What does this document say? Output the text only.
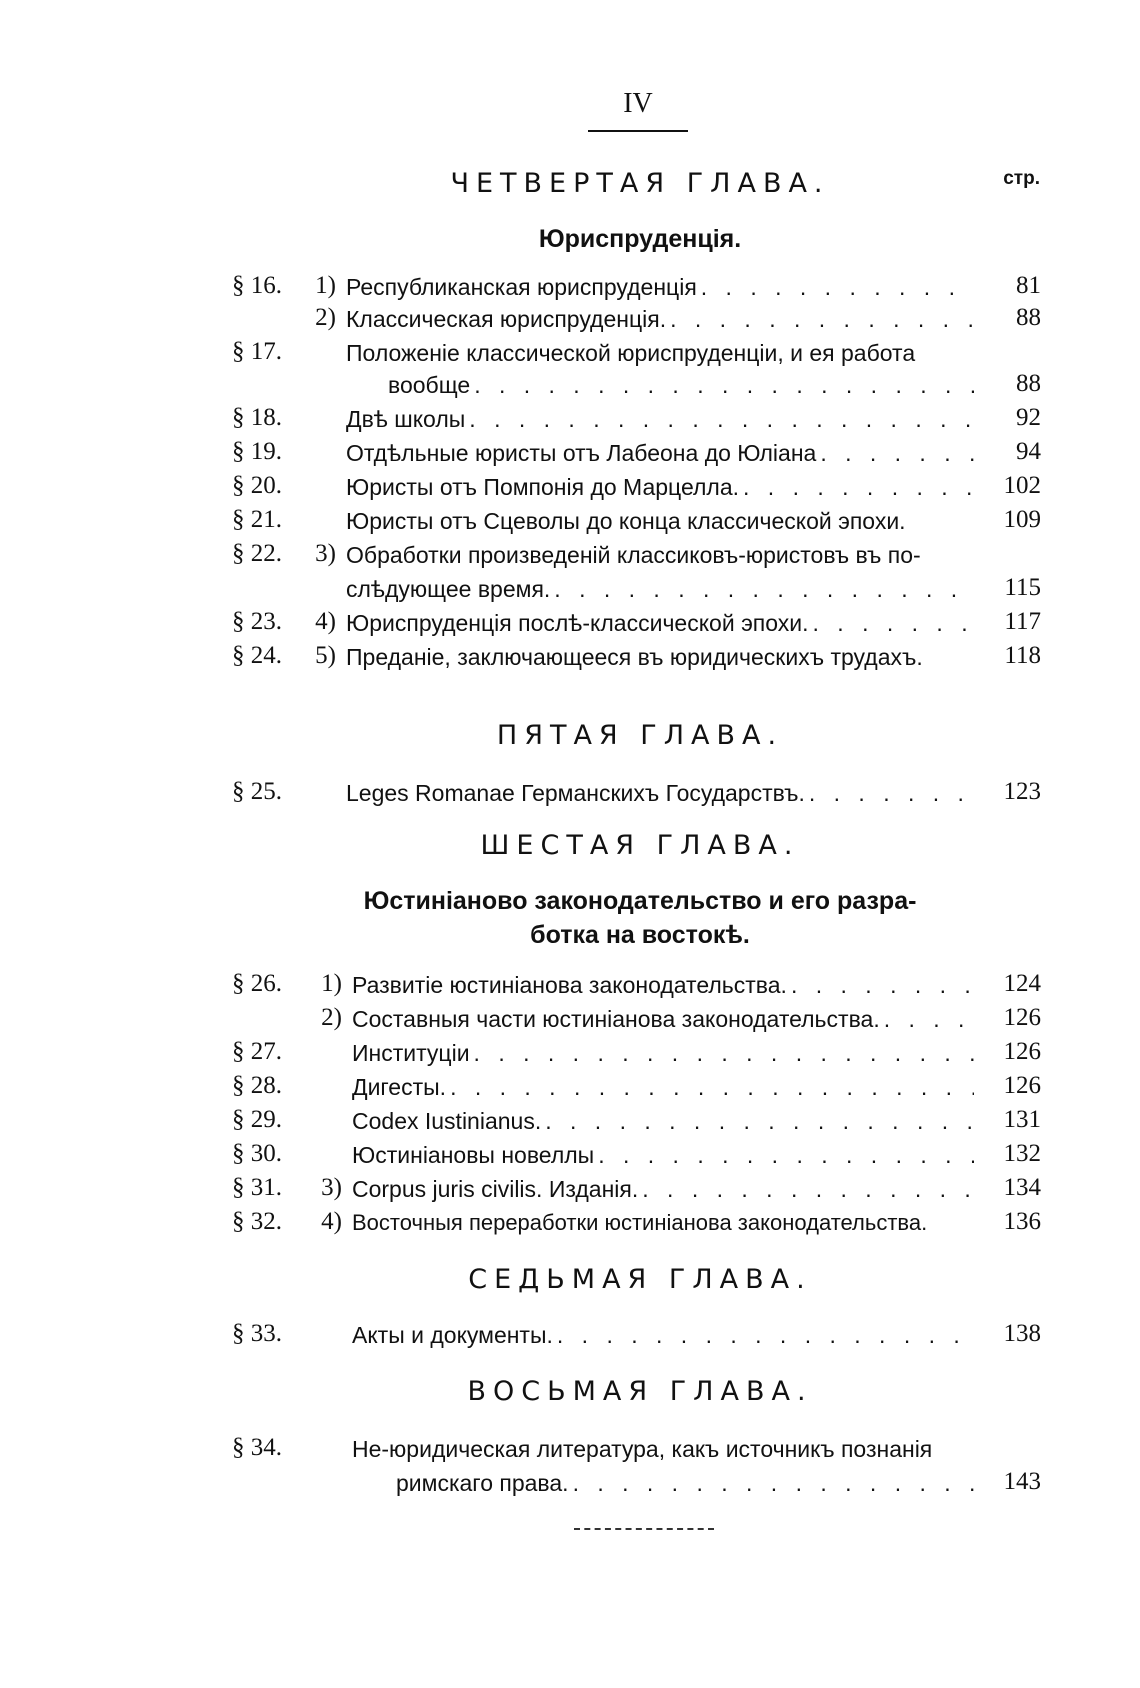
IV
стр.
ЧЕТВЕРТАЯ ГЛАВА.
Юриспруденція.
§ 16.	1) Республиканская юриспруденція . . .	81
2) Классическая юриспруденція. . . .	88
§ 17.	Положеніе классической юриспруденціи, и ея работа
вообще . . .	88
§ 18.	Двѣ школы . . .	92
§ 19.	Отдѣльные юристы отъ Лабеона до Юліана . . .	94
§ 20.	Юристы отъ Помпонія до Марцелла. . . .	102
§ 21.	Юристы отъ Сцеволы до конца классической эпохи.	109
§ 22.	3) Обработки произведеній классиковъ-юристовъ въ по-
слѣдующее время. . . .	115
§ 23.	4) Юриспруденція послѣ-классической эпохи. . . .	117
§ 24.	5) Преданіе, заключающееся въ юридическихъ трудахъ.	118
ПЯТАЯ ГЛАВА.
§ 25.	Leges Romanae Германскихъ Государствъ. . . .	123
ШЕСТАЯ ГЛАВА.
Юстиніаново законодательство и его разра-
ботка на востокѣ.
§ 26.	1) Развитіе юстиніанова законодательства. . . .	124
2) Составныя части юстиніанова законодательства. . . .	126
§ 27.	Институціи . . .	126
§ 28.	Дигесты. . . .	126
§ 29.	Codex Iustinianus. . . .	131
§ 30.	Юстиніановы новеллы . . .	132
§ 31.	3) Corpus juris civilis. Изданія. . . .	134
§ 32.	4) Восточныя переработки юстиніанова законодательства.	136
СЕДЬМАЯ ГЛАВА.
§ 33.	Акты и документы. . . .	138
ВОСЬМАЯ ГЛАВА.
§ 34.	Не-юридическая литература, какъ источникъ познанія
римскаго права. . . .	143
